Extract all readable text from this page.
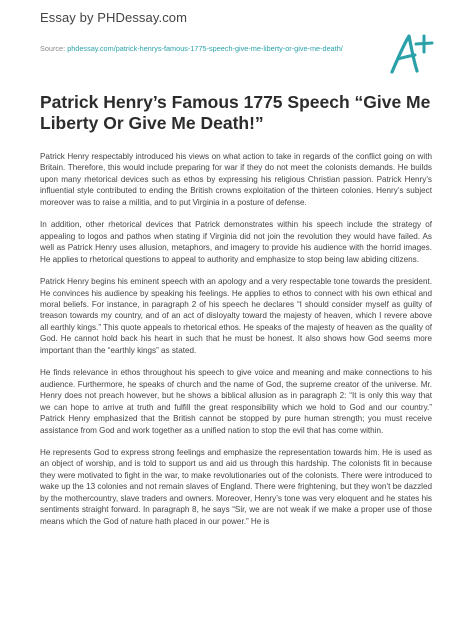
Essay by PHDessay.com
Source: phdessay.com/patrick-henrys-famous-1775-speech-give-me-liberty-or-give-me-death/
Patrick Henry’s Famous 1775 Speech “Give Me Liberty Or Give Me Death!”

Patrick Henry respectably introduced his views on what action to take in regards of the conflict going on with Britain. Therefore, this would include preparing for war if they do not meet the colonists demands. He builds upon many rhetorical devices such as ethos by expressing his religious Christian passion. Patrick Henry’s influential style contributed to ending the British crowns exploitation of the thirteen colonies. Henry’s subject moreover was to raise a militia, and to put Virginia in a posture of defense.

In addition, other rhetorical devices that Patrick demonstrates within his speech include the strategy of appealing to logos and pathos when stating if Virginia did not join the revolution they would have failed. As well as Patrick Henry uses allusion, metaphors, and imagery to provide his audience with the horrid images. He applies to rhetorical questions to appeal to authority and emphasize to stop being law abiding citizens.

Patrick Henry begins his eminent speech with an apology and a very respectable tone towards the president. He convinces his audience by speaking his feelings. He applies to ethos to connect with his own ethical and moral beliefs. For instance, in paragraph 2 of his speech he declares “I should consider myself as guilty of treason towards my country, and of an act of disloyalty toward the majesty of heaven, which I revere above all earthly kings.” This quote appeals to rhetorical ethos. He speaks of the majesty of heaven as the quality of God. He cannot hold back his heart in such that he must be honest. It also shows how God seems more important than the “earthly kings” as stated.

He finds relevance in ethos throughout his speech to give voice and meaning and make connections to his audience. Furthermore, he speaks of church and the name of God, the supreme creator of the universe. Mr. Henry does not preach however, but he shows a biblical allusion as in paragraph 2: “It is only this way that we can hope to arrive at truth and fulfill the great responsibility which we hold to God and our country.” Patrick Henry emphasized that the British cannot be stopped by pure human strength; you must receive assistance from God and work together as a unified nation to stop the evil that has come within.

He represents God to express strong feelings and emphasize the representation towards him. He is used as an object of worship, and is told to support us and aid us through this hardship. The colonists fit in because they were motivated to fight in the war, to make revolutionaries out of the colonists. There were introduced to wake up the 13 colonies and not remain slaves of England. There were frightening, but they won’t be dazzled by the mothercountry, slave traders and owners. Moreover, Henry’s tone was very eloquent and he states his sentiments straight forward. In paragraph 8, he says “Sir, we are not weak if we make a proper use of those means which the God of nature hath placed in our power.” He is
